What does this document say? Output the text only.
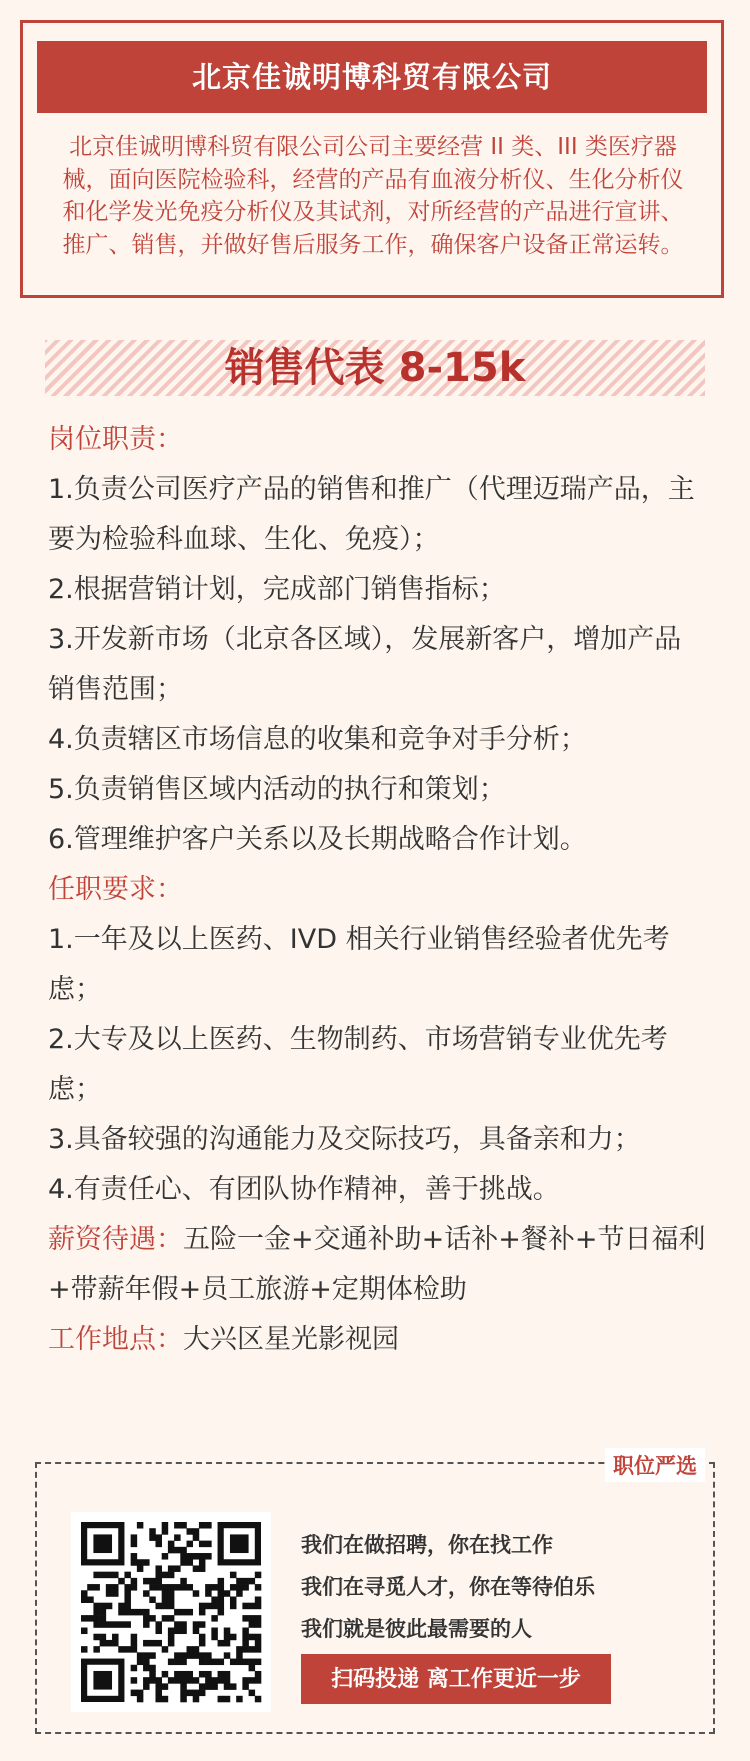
北京佳诚明博科贸有限公司
北京佳诚明博科贸有限公司公司主要经营 II 类、III 类医疗器械，面向医院检验科，经营的产品有血液分析仪、生化分析仪和化学发光免疫分析仪及其试剂，对所经营的产品进行宣讲、推广、销售，并做好售后服务工作，确保客户设备正常运转。
销售代表 8-15k

岗位职责：

1.负责公司医疗产品的销售和推广（代理迈瑞产品，主要为检验科血球、生化、免疫）；

2.根据营销计划，完成部门销售指标；

3.开发新市场（北京各区域），发展新客户，增加产品销售范围；

4.负责辖区市场信息的收集和竞争对手分析；

5.负责销售区域内活动的执行和策划；

6.管理维护客户关系以及长期战略合作计划。

任职要求：

1.一年及以上医药、IVD 相关行业销售经验者优先考虑；

2.大专及以上医药、生物制药、市场营销专业优先考虑；

3.具备较强的沟通能力及交际技巧，具备亲和力；

4.有责任心、有团队协作精神，善于挑战。

薪资待遇：五险一金+交通补助+话补+餐补+节日福利+带薪年假+员工旅游+定期体检助

工作地点：大兴区星光影视园

职位严选
我们在做招聘，你在找工作
我们在寻觅人才，你在等待伯乐
我们就是彼此最需要的人
扫码投递 离工作更近一步
